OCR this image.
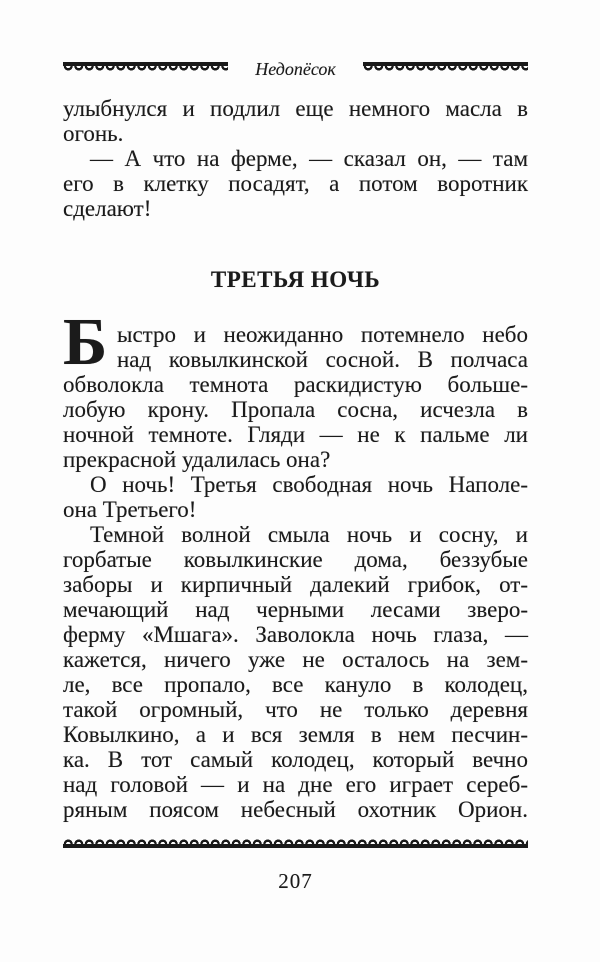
Недопёсок
улыбнулся и подлил еще немного масла в
огонь.
— А что на ферме, — сказал он, — там
его в клетку посадят, а потом воротник
сделают!
ТРЕТЬЯ НОЧЬ
Б ыстро и неожиданно потемнело небо
над ковылкинской сосной. В полчаса
обволокла темнота раскидистую больше-
лобую крону. Пропала сосна, исчезла в
ночной темноте. Гляди — не к пальме ли
прекрасной удалилась она?
О ночь! Третья свободная ночь Наполе-
она Третьего!
Темной волной смыла ночь и сосну, и
горбатые ковылкинские дома, беззубые
заборы и кирпичный далекий грибок, от-
мечающий над черными лесами зверо-
ферму «Мшага». Заволокла ночь глаза, —
кажется, ничего уже не осталось на зем-
ле, все пропало, все кануло в колодец,
такой огромный, что не только деревня
Ковылкино, а и вся земля в нем песчин-
ка. В тот самый колодец, который вечно
над головой — и на дне его играет сереб-
ряным поясом небесный охотник Орион.
207
